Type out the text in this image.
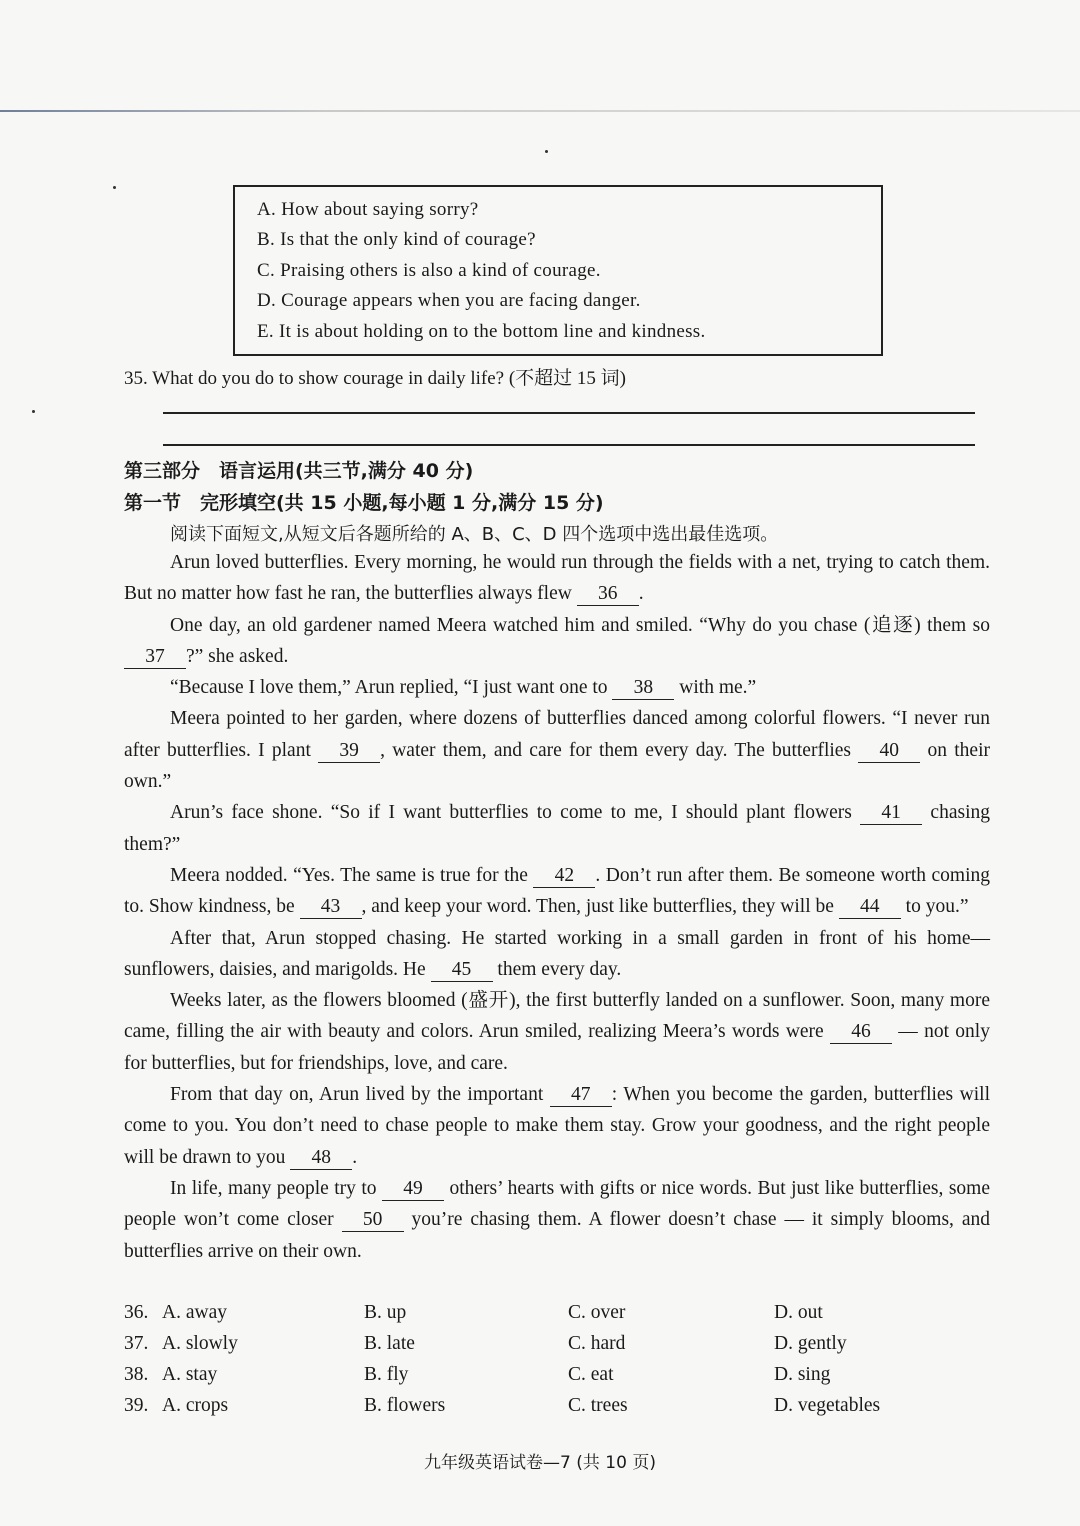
A. How about saying sorry?
B. Is that the only kind of courage?
C. Praising others is also a kind of courage.
D. Courage appears when you are facing danger.
E. It is about holding on to the bottom line and kindness.
35. What do you do to show courage in daily life? (不超过 15 词)
第三部分　语言运用(共三节,满分 40 分)
第一节　完形填空(共 15 小题,每小题 1 分,满分 15 分)
阅读下面短文,从短文后各题所给的 A、B、C、D 四个选项中选出最佳选项。

Arun loved butterflies. Every morning, he would run through the fields with a net, trying to catch them. But no matter how fast he ran, the butterflies always flew 36 .

One day, an old gardener named Meera watched him and smiled. “Why do you chase (追逐) them so 37 ?” she asked.

“Because I love them,” Arun replied, “I just want one to 38 with me.”

Meera pointed to her garden, where dozens of butterflies danced among colorful flowers. “I never run after butterflies. I plant 39 , water them, and care for them every day. The butterflies 40 on their own.”

Arun’s face shone. “So if I want butterflies to come to me, I should plant flowers 41 chasing them?”

Meera nodded. “Yes. The same is true for the 42 . Don’t run after them. Be someone worth coming to. Show kindness, be 43 , and keep your word. Then, just like butterflies, they will be 44 to you.”

After that, Arun stopped chasing. He started working in a small garden in front of his home—sunflowers, daisies, and marigolds. He 45 them every day.

Weeks later, as the flowers bloomed (盛开), the first butterfly landed on a sunflower. Soon, many more came, filling the air with beauty and colors. Arun smiled, realizing Meera’s words were 46 — not only for butterflies, but for friendships, love, and care.

From that day on, Arun lived by the important 47 : When you become the garden, butterflies will come to you. You don’t need to chase people to make them stay. Grow your goodness, and the right people will be drawn to you 48 .

In life, many people try to 49 others’ hearts with gifts or nice words. But just like butterflies, some people won’t come closer 50 you’re chasing them. A flower doesn’t chase — it simply blooms, and butterflies arrive on their own.

36. A. away	B. up	C. over	D. out
37. A. slowly	B. late	C. hard	D. gently
38. A. stay	B. fly	C. eat	D. sing
39. A. crops	B. flowers	C. trees	D. vegetables
九年级英语试卷—7 (共 10 页)
